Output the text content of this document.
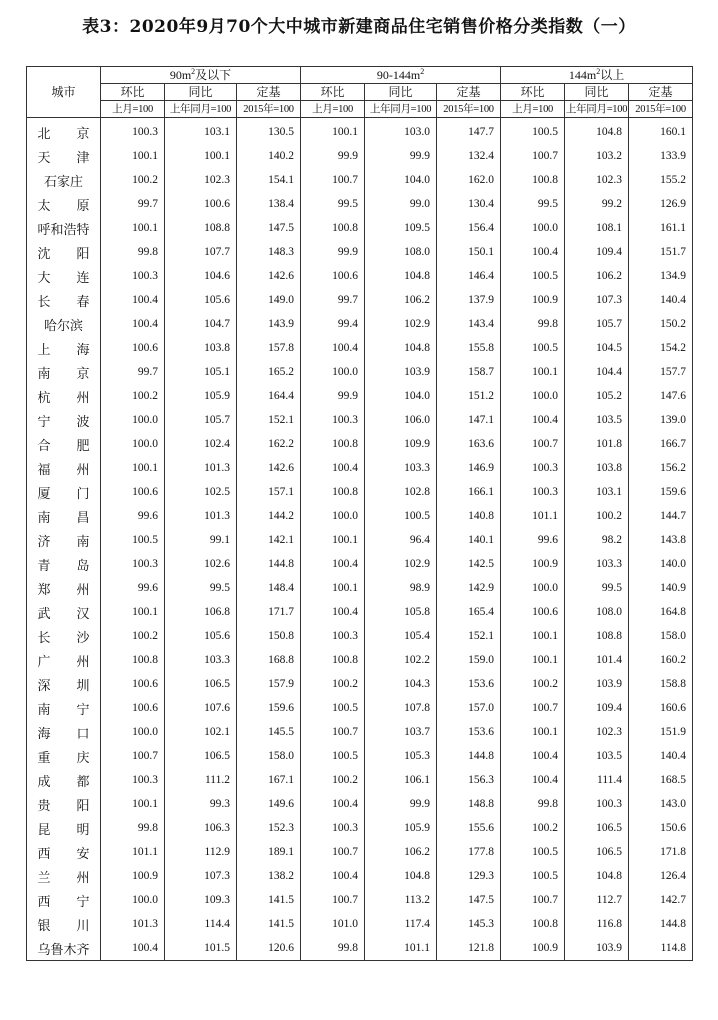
表3：2020年9月70个大中城市新建商品住宅销售价格分类指数（一）
城市	$90m^2$及以下			$90-144m^2$			$144m^2$以上		
	环比	同比	定基	环比	同比	定基	环比	同比	定基
	上月=100	上年同月=100	2015年=100	上月=100	上年同月=100	2015年=100	上月=100	上年同月=100	2015年=100
北　　京	100.3	103.1	130.5	100.1	103.0	147.7	100.5	104.8	160.1
天　　津	100.1	100.1	140.2	99.9	99.9	132.4	100.7	103.2	133.9
石家庄	100.2	102.3	154.1	100.7	104.0	162.0	100.8	102.3	155.2
太　　原	99.7	100.6	138.4	99.5	99.0	130.4	99.5	99.2	126.9
呼和浩特	100.1	108.8	147.5	100.8	109.5	156.4	100.0	108.1	161.1
沈　　阳	99.8	107.7	148.3	99.9	108.0	150.1	100.4	109.4	151.7
大　　连	100.3	104.6	142.6	100.6	104.8	146.4	100.5	106.2	134.9
长　　春	100.4	105.6	149.0	99.7	106.2	137.9	100.9	107.3	140.4
哈尔滨	100.4	104.7	143.9	99.4	102.9	143.4	99.8	105.7	150.2
上　　海	100.6	103.8	157.8	100.4	104.8	155.8	100.5	104.5	154.2
南　　京	99.7	105.1	165.2	100.0	103.9	158.7	100.1	104.4	157.7
杭　　州	100.2	105.9	164.4	99.9	104.0	151.2	100.0	105.2	147.6
宁　　波	100.0	105.7	152.1	100.3	106.0	147.1	100.4	103.5	139.0
合　　肥	100.0	102.4	162.2	100.8	109.9	163.6	100.7	101.8	166.7
福　　州	100.1	101.3	142.6	100.4	103.3	146.9	100.3	103.8	156.2
厦　　门	100.6	102.5	157.1	100.8	102.8	166.1	100.3	103.1	159.6
南　　昌	99.6	101.3	144.2	100.0	100.5	140.8	101.1	100.2	144.7
济　　南	100.5	99.1	142.1	100.1	96.4	140.1	99.6	98.2	143.8
青　　岛	100.3	102.6	144.8	100.4	102.9	142.5	100.9	103.3	140.0
郑　　州	99.6	99.5	148.4	100.1	98.9	142.9	100.0	99.5	140.9
武　　汉	100.1	106.8	171.7	100.4	105.8	165.4	100.6	108.0	164.8
长　　沙	100.2	105.6	150.8	100.3	105.4	152.1	100.1	108.8	158.0
广　　州	100.8	103.3	168.8	100.8	102.2	159.0	100.1	101.4	160.2
深　　圳	100.6	106.5	157.9	100.2	104.3	153.6	100.2	103.9	158.8
南　　宁	100.6	107.6	159.6	100.5	107.8	157.0	100.7	109.4	160.6
海　　口	100.0	102.1	145.5	100.7	103.7	153.6	100.1	102.3	151.9
重　　庆	100.7	106.5	158.0	100.5	105.3	144.8	100.4	103.5	140.4
成　　都	100.3	111.2	167.1	100.2	106.1	156.3	100.4	111.4	168.5
贵　　阳	100.1	99.3	149.6	100.4	99.9	148.8	99.8	100.3	143.0
昆　　明	99.8	106.3	152.3	100.3	105.9	155.6	100.2	106.5	150.6
西　　安	101.1	112.9	189.1	100.7	106.2	177.8	100.5	106.5	171.8
兰　　州	100.9	107.3	138.2	100.4	104.8	129.3	100.5	104.8	126.4
西　　宁	100.0	109.3	141.5	100.7	113.2	147.5	100.7	112.7	142.7
银　　川	101.3	114.4	141.5	101.0	117.4	145.3	100.8	116.8	144.8
乌鲁木齐	100.4	101.5	120.6	99.8	101.1	121.8	100.9	103.9	114.8
